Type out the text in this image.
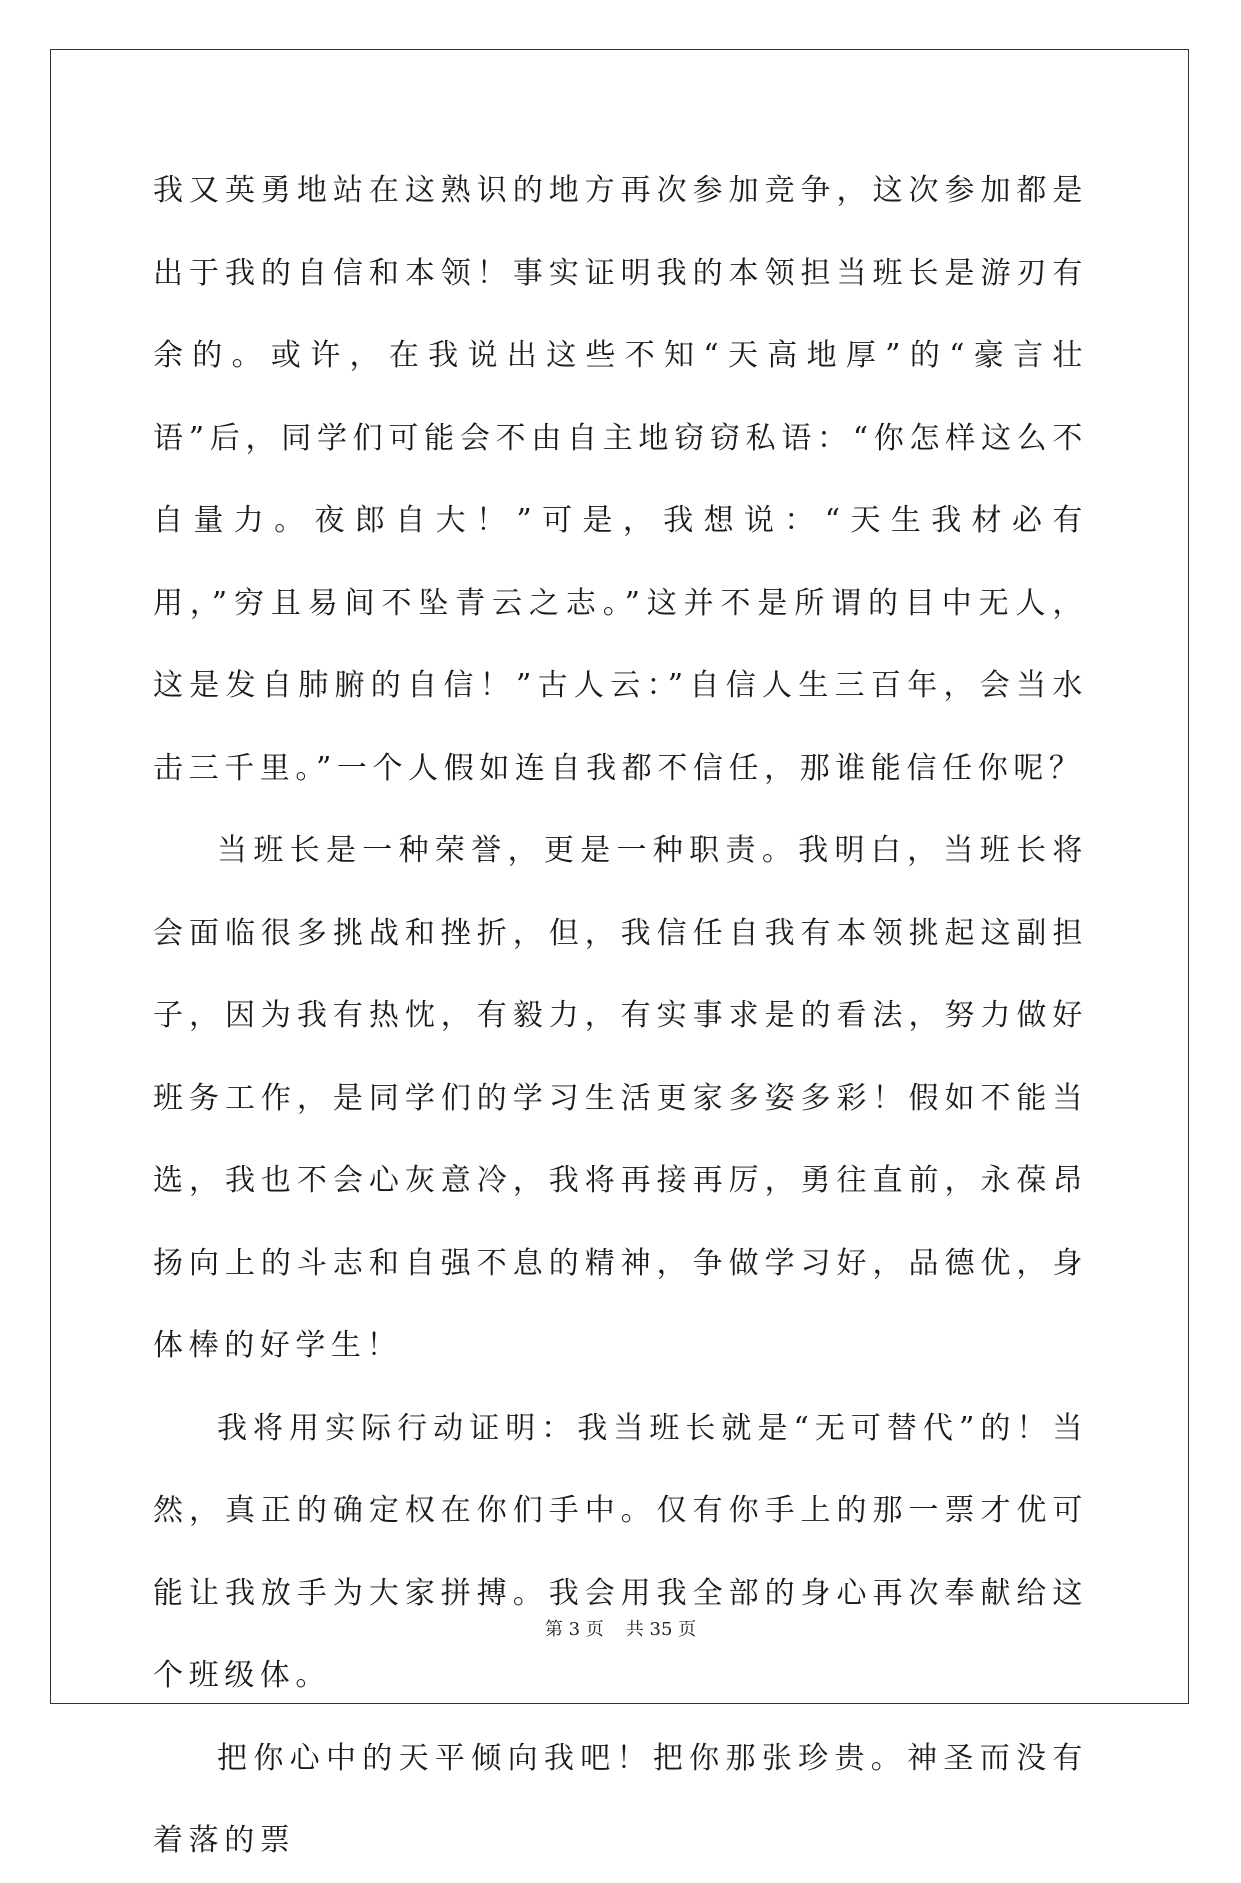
我又英勇地站在这熟识的地方再次参加竞争，这次参加都是出于我的自信和本领！事实证明我的本领担当班长是游刃有余的。或许，在我说出这些不知“天高地厚”的“豪言壮语”后，同学们可能会不由自主地窃窃私语：“你怎样这么不自量力。夜郎自大！”可是，我想说：“天生我材必有用，”穷且易间不坠青云之志。”这并不是所谓的目中无人，这是发自肺腑的自信！”古人云：”自信人生三百年，会当水击三千里。”一个人假如连自我都不信任，那谁能信任你呢？

当班长是一种荣誉，更是一种职责。我明白，当班长将会面临很多挑战和挫折，但，我信任自我有本领挑起这副担子，因为我有热忱，有毅力，有实事求是的看法，努力做好班务工作，是同学们的学习生活更家多姿多彩！假如不能当选，我也不会心灰意冷，我将再接再厉，勇往直前，永葆昂扬向上的斗志和自强不息的精神，争做学习好，品德优，身体棒的好学生！

我将用实际行动证明：我当班长就是“无可替代”的！当然，真正的确定权在你们手中。仅有你手上的那一票才优可能让我放手为大家拼搏。我会用我全部的身心再次奉献给这个班级体。

把你心中的天平倾向我吧！把你那张珍贵。神圣而没有着落的票

第 3 页 共 35 页
